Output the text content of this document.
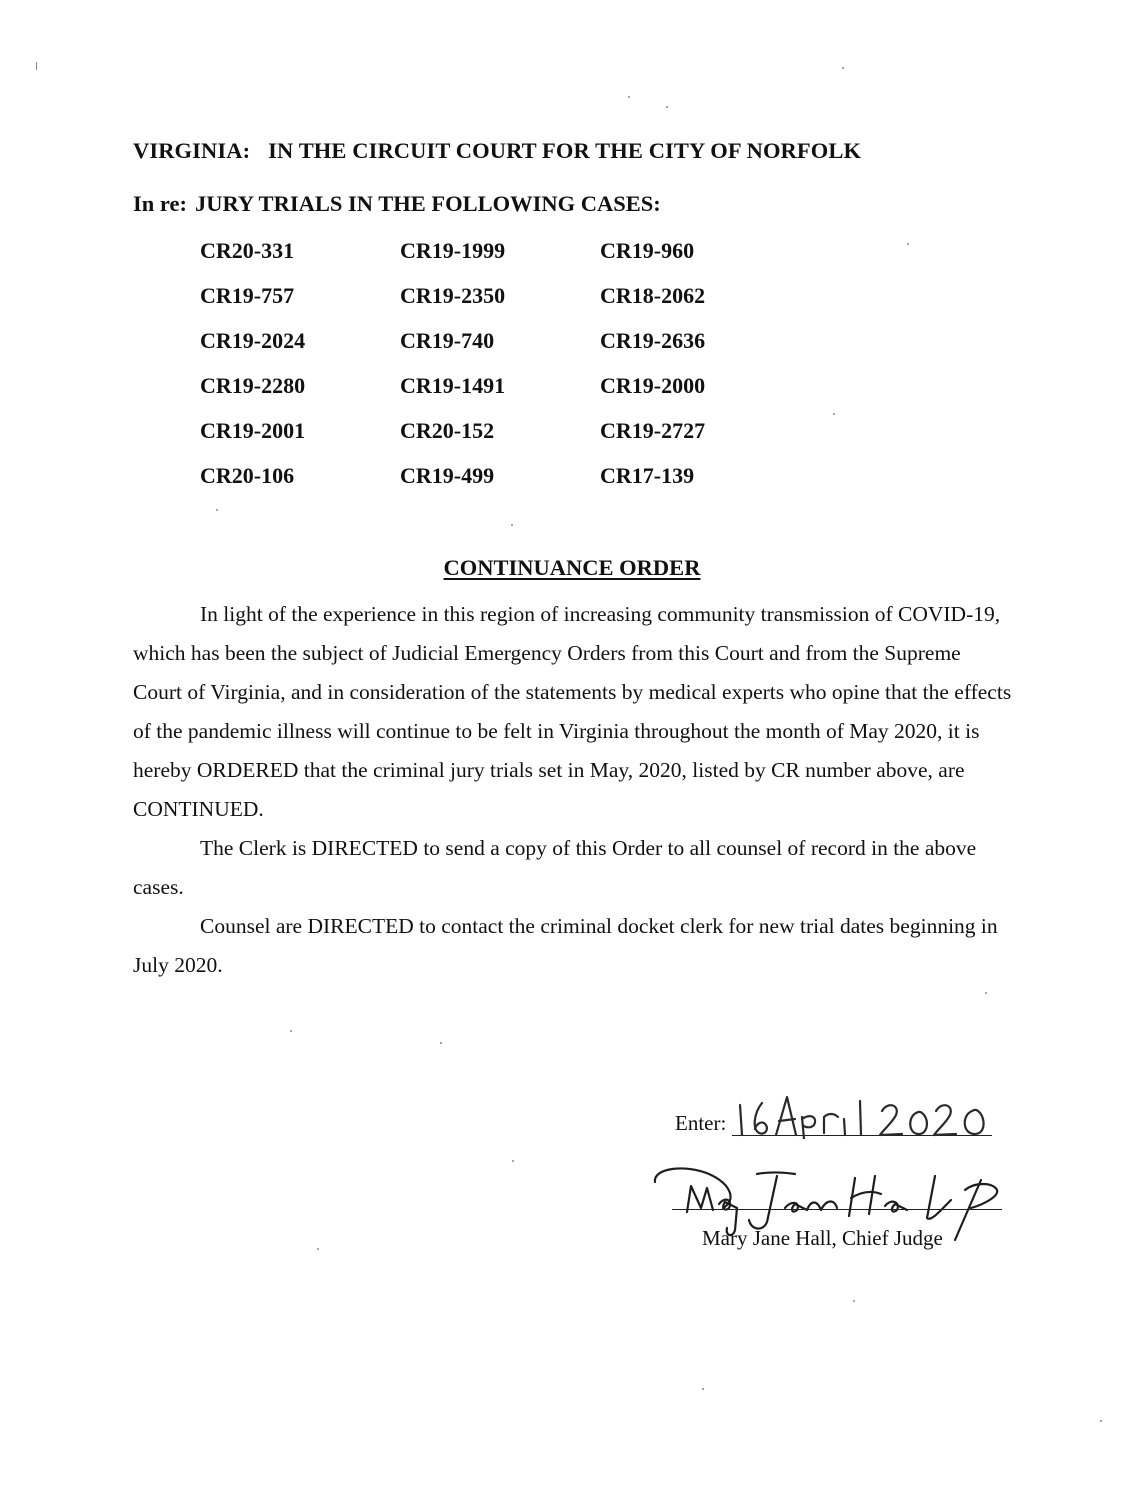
VIRGINIA: IN THE CIRCUIT COURT FOR THE CITY OF NORFOLK
In re: JURY TRIALS IN THE FOLLOWING CASES:
CR20-331	CR19-1999	CR19-960
CR19-757	CR19-2350	CR18-2062
CR19-2024	CR19-740	CR19-2636
CR19-2280	CR19-1491	CR19-2000
CR19-2001	CR20-152	CR19-2727
CR20-106	CR19-499	CR17-139
CONTINUANCE ORDER

In light of the experience in this region of increasing community transmission of COVID-19, which has been the subject of Judicial Emergency Orders from this Court and from the Supreme Court of Virginia, and in consideration of the statements by medical experts who opine that the effects of the pandemic illness will continue to be felt in Virginia throughout the month of May 2020, it is hereby ORDERED that the criminal jury trials set in May, 2020, listed by CR number above, are CONTINUED.

The Clerk is DIRECTED to send a copy of this Order to all counsel of record in the above cases.

Counsel are DIRECTED to contact the criminal docket clerk for new trial dates beginning in July 2020.

Enter:
Mary Jane Hall, Chief Judge
